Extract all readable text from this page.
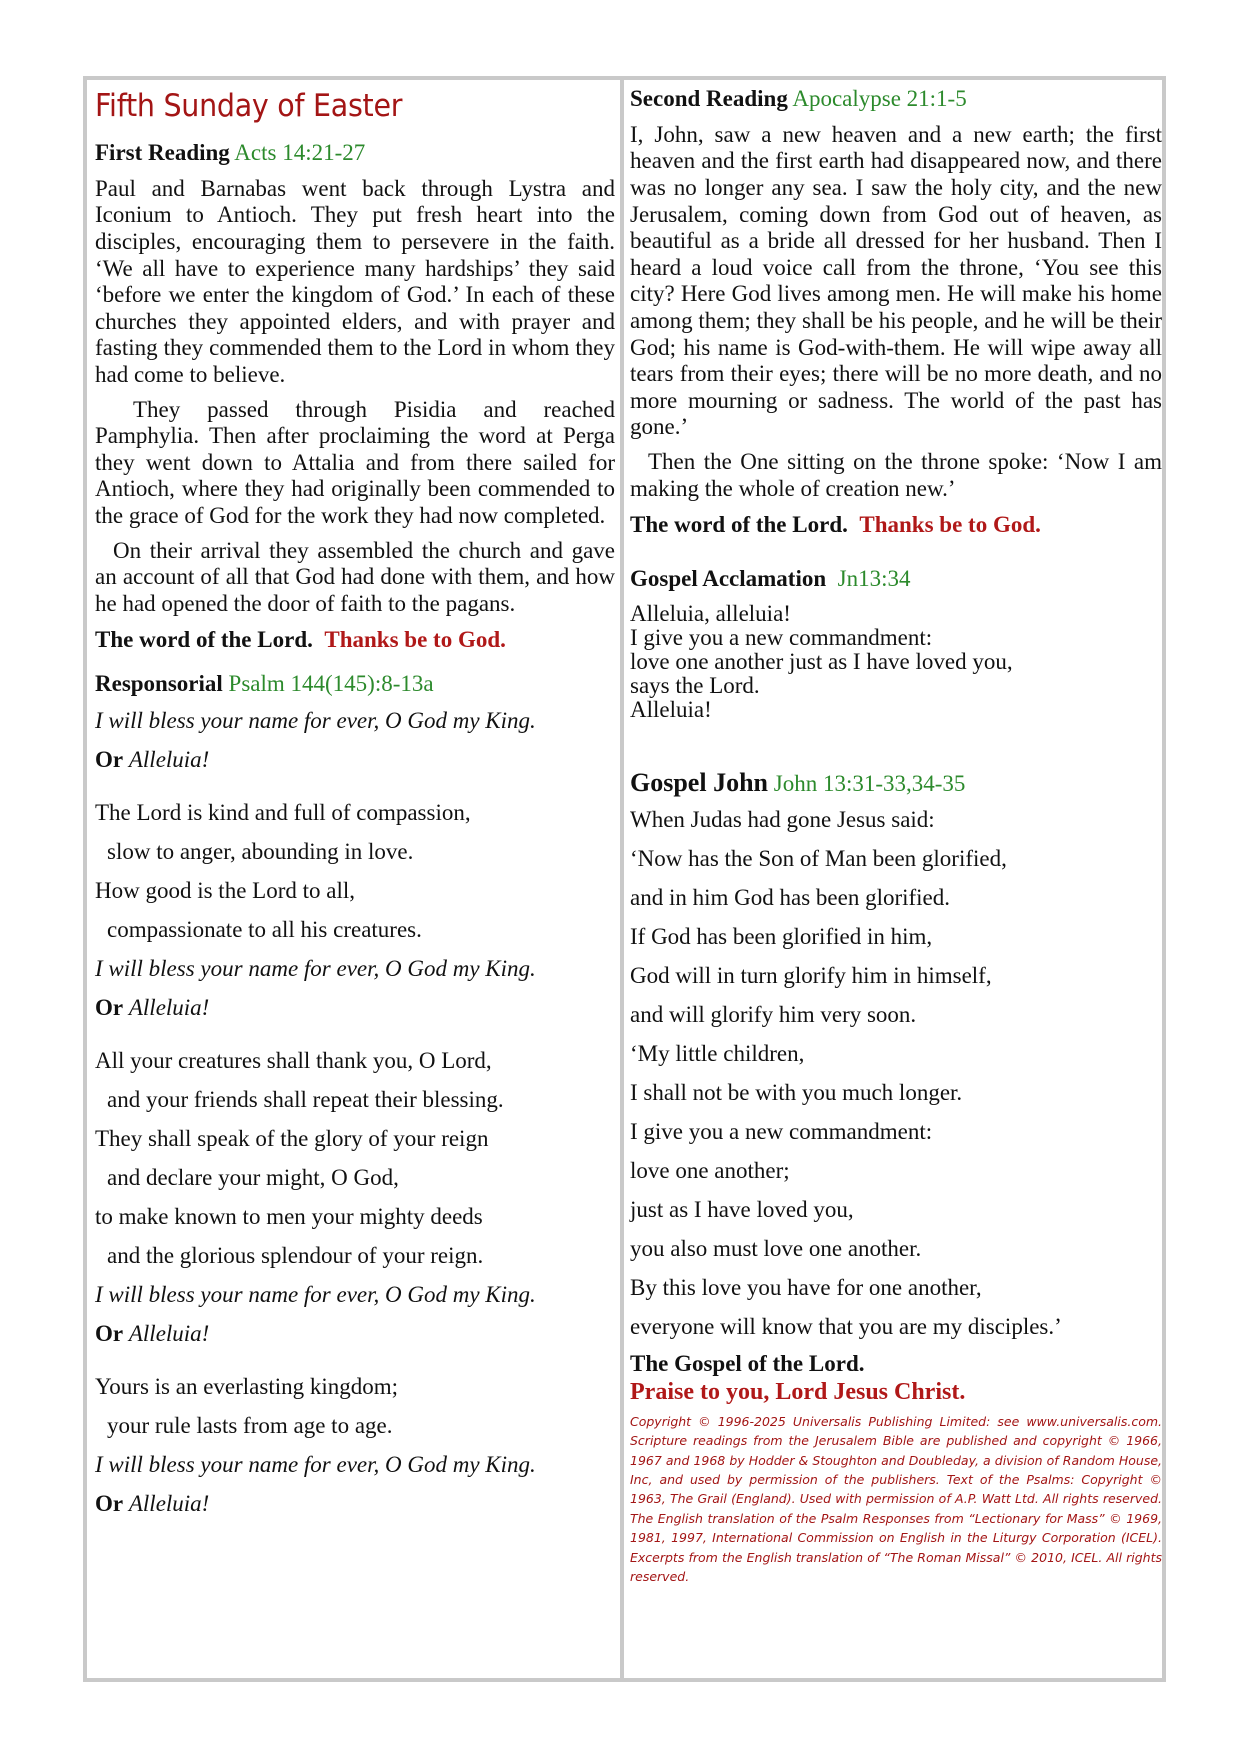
Fifth Sunday of Easter
First Reading Acts 14:21-27

Paul and Barnabas went back through Lystra and Iconium to Antioch. They put fresh heart into the disciples, encouraging them to persevere in the faith. ‘We all have to experience many hardships’ they said ‘before we enter the kingdom of God.’ In each of these churches they appointed elders, and with prayer and fasting they commended them to the Lord in whom they had come to believe.

They passed through Pisidia and reached Pamphylia. Then after proclaiming the word at Perga they went down to Attalia and from there sailed for Antioch, where they had originally been commended to the grace of God for the work they had now completed.

On their arrival they assembled the church and gave an account of all that God had done with them, and how he had opened the door of faith to the pagans.

The word of the Lord. Thanks be to God.
Responsorial Psalm 144(145):8-13a
I will bless your name for ever, O God my King.
Or Alleluia!
The Lord is kind and full of compassion,
slow to anger, abounding in love.
How good is the Lord to all,
compassionate to all his creatures.
I will bless your name for ever, O God my King.
Or Alleluia!
All your creatures shall thank you, O Lord,
and your friends shall repeat their blessing.
They shall speak of the glory of your reign
and declare your might, O God,
to make known to men your mighty deeds
and the glorious splendour of your reign.
I will bless your name for ever, O God my King.
Or Alleluia!
Yours is an everlasting kingdom;
your rule lasts from age to age.
I will bless your name for ever, O God my King.
Or Alleluia!
Second Reading Apocalypse 21:1-5

I, John, saw a new heaven and a new earth; the first heaven and the first earth had disappeared now, and there was no longer any sea. I saw the holy city, and the new Jerusalem, coming down from God out of heaven, as beautiful as a bride all dressed for her husband. Then I heard a loud voice call from the throne, ‘You see this city? Here God lives among men. He will make his home among them; they shall be his people, and he will be their God; his name is God-with-them. He will wipe away all tears from their eyes; there will be no more death, and no more mourning or sadness. The world of the past has gone.’

Then the One sitting on the throne spoke: ‘Now I am making the whole of creation new.’

The word of the Lord. Thanks be to God.
Gospel Acclamation Jn13:34
Alleluia, alleluia!
I give you a new commandment:
love one another just as I have loved you,
says the Lord.
Alleluia!
Gospel John John 13:31-33,34-35
When Judas had gone Jesus said:
‘Now has the Son of Man been glorified,
and in him God has been glorified.
If God has been glorified in him,
God will in turn glorify him in himself,
and will glorify him very soon.
‘My little children,
I shall not be with you much longer.
I give you a new commandment:
love one another;
just as I have loved you,
you also must love one another.
By this love you have for one another,
everyone will know that you are my disciples.’
The Gospel of the Lord.
Praise to you, Lord Jesus Christ.
Copyright © 1996-2025 Universalis Publishing Limited: see www.universalis.com. Scripture readings from the Jerusalem Bible are published and copyright © 1966, 1967 and 1968 by Hodder & Stoughton and Doubleday, a division of Random House, Inc, and used by permission of the publishers. Text of the Psalms: Copyright © 1963, The Grail (England). Used with permission of A.P. Watt Ltd. All rights reserved. The English translation of the Psalm Responses from “Lectionary for Mass” © 1969, 1981, 1997, International Commission on English in the Liturgy Corporation (ICEL). Excerpts from the English translation of “The Roman Missal” © 2010, ICEL. All rights reserved.
